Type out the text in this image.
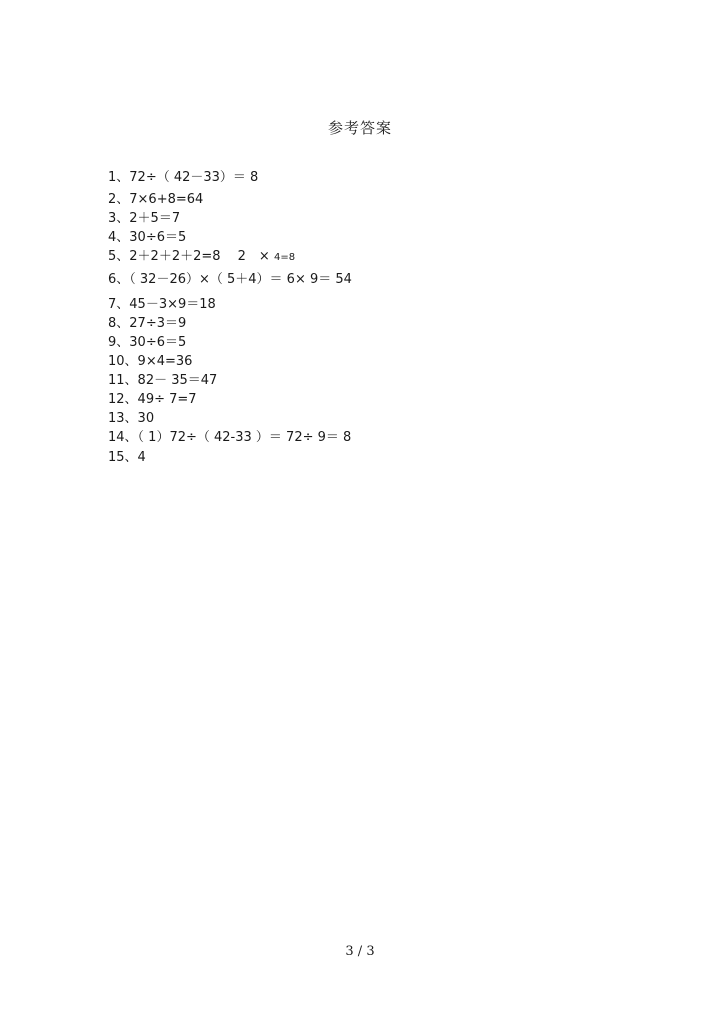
参考答案
1、72÷（ 42－33）＝ 8
2、7×6+8=64
3、2＋5＝7
4、30÷6＝5
5、2＋2＋2＋2=8　 2　× 4=8
6、（ 32－26）×（ 5＋4）＝ 6× 9＝ 54
7、45－3×9＝18
8、27÷3＝9
9、30÷6＝5
10、9×4=36
11、82－ 35＝47
12、49÷ 7=7
13、30
14、（ 1）72÷（ 42-33 ）＝ 72÷ 9＝ 8
15、4
3 / 3
